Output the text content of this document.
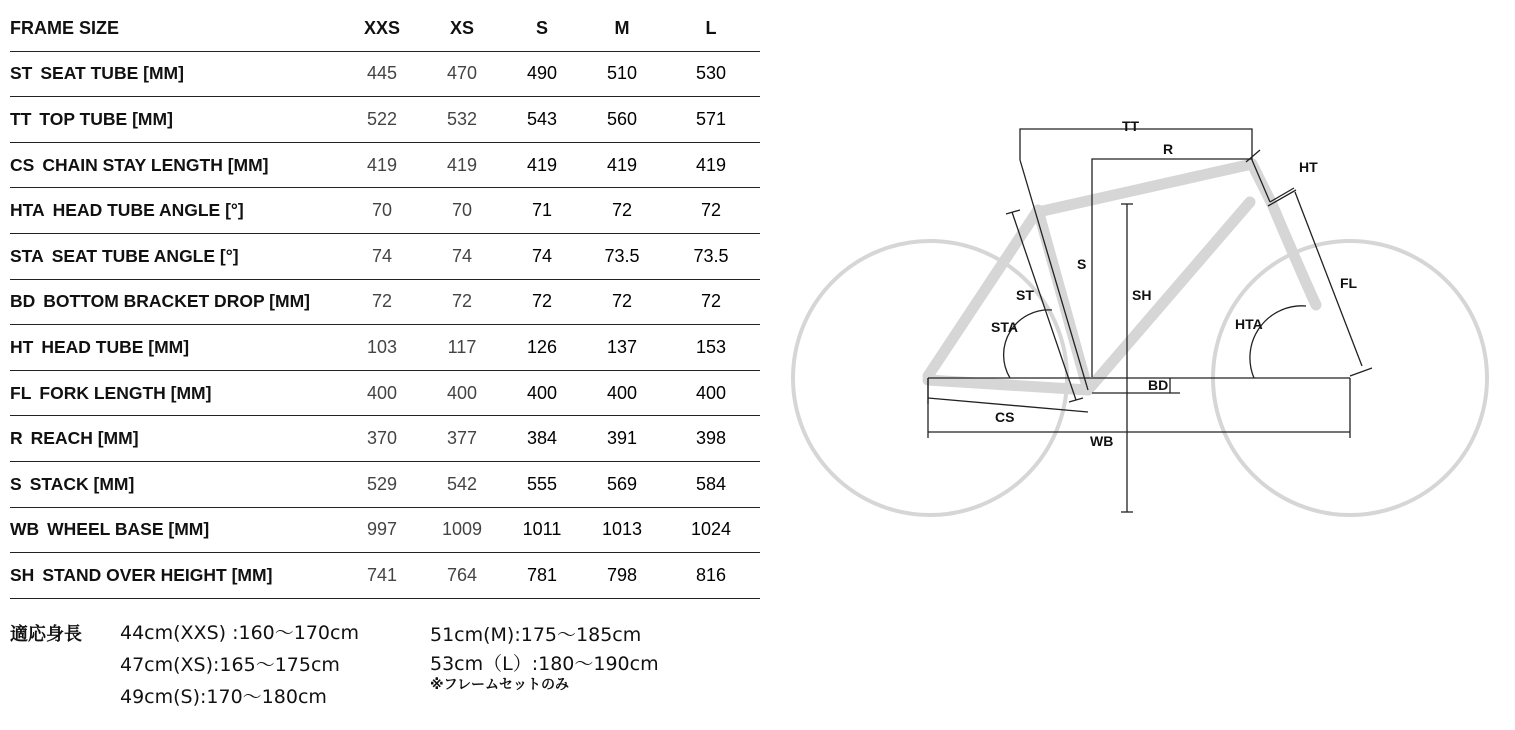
FRAME SIZE	XXS	XS	S	M	L
ST SEAT TUBE [MM]	445	470	490	510	530
TT TOP TUBE [MM]	522	532	543	560	571
CS CHAIN STAY LENGTH [MM]	419	419	419	419	419
HTA HEAD TUBE ANGLE [°]	70	70	71	72	72
STA SEAT TUBE ANGLE [°]	74	74	74	73.5	73.5
BD BOTTOM BRACKET DROP [MM]	72	72	72	72	72
HT HEAD TUBE [MM]	103	117	126	137	153
FL FORK LENGTH [MM]	400	400	400	400	400
R REACH [MM]	370	377	384	391	398
S STACK [MM]	529	542	555	569	584
WB WHEEL BASE [MM]	997	1009	1011	1013	1024
SH STAND OVER HEIGHT [MM]	741	764	781	798	816
適応身長 44cm(XXS) :160〜170cm
47cm(XS):165〜175cm
49cm(S):170〜180cm
51cm(M):175〜185cm
53cm（L）:180〜190cm
※フレームセットのみ
TT
R
HT
S
SH
ST
STA
FL
HTA
BD
CS
WB
